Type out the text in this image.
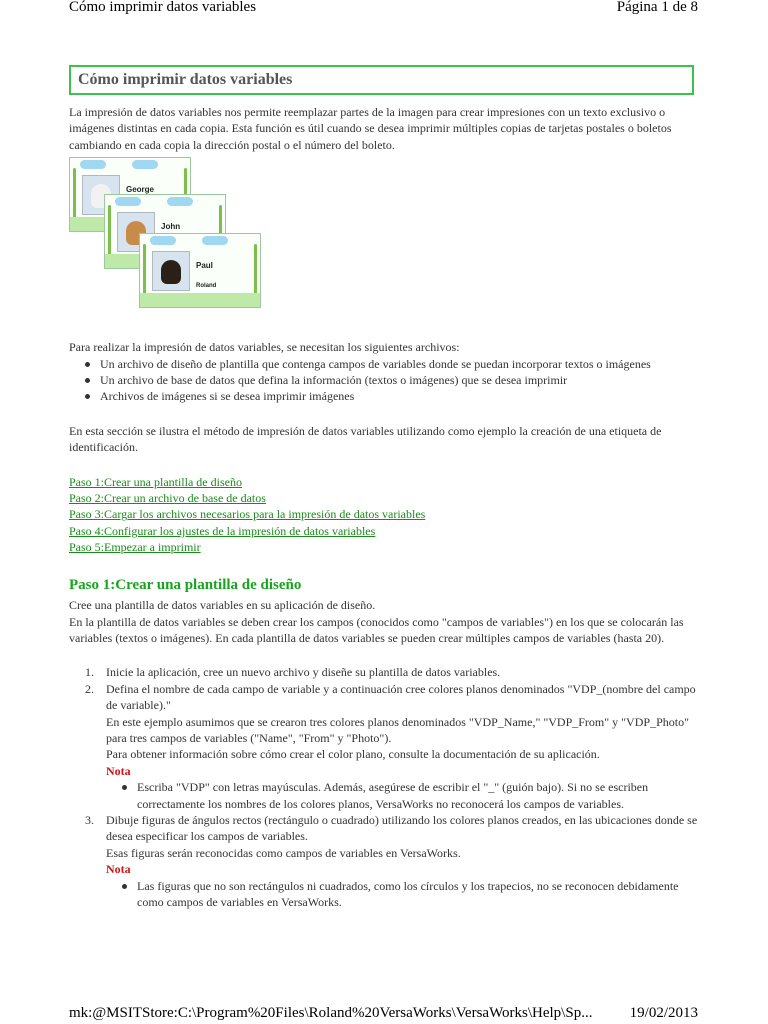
Cómo imprimir datos variables	Página 1 de 8
Cómo imprimir datos variables

La impresión de datos variables nos permite reemplazar partes de la imagen para crear impresiones con un texto exclusivo o imágenes distintas en cada copia. Esta función es útil cuando se desea imprimir múltiples copias de tarjetas postales o boletos cambiando en cada copia la dirección postal o el número del boleto.

George
John
Paul
Roland

Para realizar la impresión de datos variables, se necesitan los siguientes archivos:

Un archivo de diseño de plantilla que contenga campos de variables donde se puedan incorporar textos o imágenes
Un archivo de base de datos que defina la información (textos o imágenes) que se desea imprimir
Archivos de imágenes si se desea imprimir imágenes

En esta sección se ilustra el método de impresión de datos variables utilizando como ejemplo la creación de una etiqueta de identificación.

Paso 1:Crear una plantilla de diseño
Paso 2:Crear un archivo de base de datos
Paso 3:Cargar los archivos necesarios para la impresión de datos variables
Paso 4:Configurar los ajustes de la impresión de datos variables
Paso 5:Empezar a imprimir
Paso 1:Crear una plantilla de diseño

Cree una plantilla de datos variables en su aplicación de diseño.

En la plantilla de datos variables se deben crear los campos (conocidos como "campos de variables") en los que se colocarán las variables (textos o imágenes). En cada plantilla de datos variables se pueden crear múltiples campos de variables (hasta 20).

1. Inicie la aplicación, cree un nuevo archivo y diseñe su plantilla de datos variables.
2. Defina el nombre de cada campo de variable y a continuación cree colores planos denominados "VDP_(nombre del campo de variable)."
En este ejemplo asumimos que se crearon tres colores planos denominados "VDP_Name," "VDP_From" y "VDP_Photo" para tres campos de variables ("Name", "From" y "Photo").
Para obtener información sobre cómo crear el color plano, consulte la documentación de su aplicación.
Nota
Escriba "VDP" con letras mayúsculas. Además, asegúrese de escribir el "_" (guión bajo). Si no se escriben correctamente los nombres de los colores planos, VersaWorks no reconocerá los campos de variables.
3. Dibuje figuras de ángulos rectos (rectángulo o cuadrado) utilizando los colores planos creados, en las ubicaciones donde se desea especificar los campos de variables.
Esas figuras serán reconocidas como campos de variables en VersaWorks.
Nota
Las figuras que no son rectángulos ni cuadrados, como los círculos y los trapecios, no se reconocen debidamente como campos de variables en VersaWorks.
mk:@MSITStore:C:\Program%20Files\Roland%20VersaWorks\VersaWorks\Help\Sp... 19/02/2013
